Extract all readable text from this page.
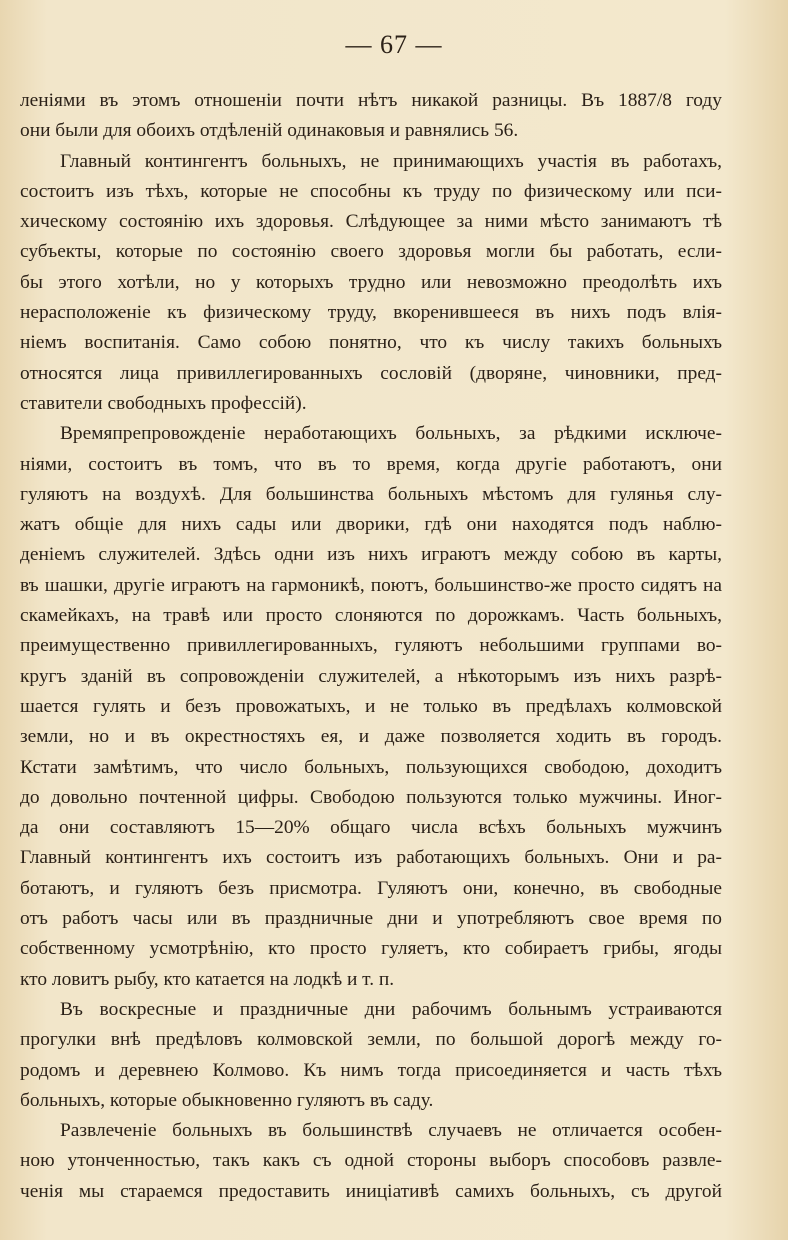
— 67 —
леніями въ этомъ отношеніи почти нѣтъ никакой разницы. Въ 1887/8 году
они были для обоихъ отдѣленій одинаковыя и равнялись 56.
Главный контингентъ больныхъ, не принимающихъ участія въ работахъ,
состоитъ изъ тѣхъ, которые не способны къ труду по физическому или пси-
хическому состоянію ихъ здоровья. Слѣдующее за ними мѣсто занимаютъ тѣ
субъекты, которые по состоянію своего здоровья могли бы работать, если-
бы этого хотѣли, но у которыхъ трудно или невозможно преодолѣть ихъ
нерасположеніе къ физическому труду, вкоренившееся въ нихъ подъ влія-
ніемъ воспитанія. Само собою понятно, что къ числу такихъ больныхъ
относятся лица привиллегированныхъ сословій (дворяне, чиновники, пред-
ставители свободныхъ профессій).
Времяпрепровожденіе неработающихъ больныхъ, за рѣдкими исключе-
ніями, состоитъ въ томъ, что въ то время, когда другіе работаютъ, они
гуляютъ на воздухѣ. Для большинства больныхъ мѣстомъ для гулянья слу-
жатъ общіе для нихъ сады или дворики, гдѣ они находятся подъ наблю-
деніемъ служителей. Здѣсь одни изъ нихъ играютъ между собою въ карты,
въ шашки, другіе играютъ на гармоникѣ, поютъ, большинство-же просто сидятъ на
скамейкахъ, на травѣ или просто слоняются по дорожкамъ. Часть больныхъ,
преимущественно привиллегированныхъ, гуляютъ небольшими группами во-
кругъ зданій въ сопровожденіи служителей, а нѣкоторымъ изъ нихъ разрѣ-
шается гулять и безъ провожатыхъ, и не только въ предѣлахъ колмовской
земли, но и въ окрестностяхъ ея, и даже позволяется ходить въ городъ.
Кстати замѣтимъ, что число больныхъ, пользующихся свободою, доходитъ
до довольно почтенной цифры. Свободою пользуются только мужчины. Иног-
да они составляютъ 15—20% общаго числа всѣхъ больныхъ мужчинъ
Главный контингентъ ихъ состоитъ изъ работающихъ больныхъ. Они и ра-
ботаютъ, и гуляютъ безъ присмотра. Гуляютъ они, конечно, въ свободные
отъ работъ часы или въ праздничные дни и употребляютъ свое время по
собственному усмотрѣнію, кто просто гуляетъ, кто собираетъ грибы, ягоды
кто ловитъ рыбу, кто катается на лодкѣ и т. п.
Въ воскресные и праздничные дни рабочимъ больнымъ устраиваются
прогулки внѣ предѣловъ колмовской земли, по большой дорогѣ между го-
родомъ и деревнею Колмово. Къ нимъ тогда присоединяется и часть тѣхъ
больныхъ, которые обыкновенно гуляютъ въ саду.
Развлеченіе больныхъ въ большинствѣ случаевъ не отличается особен-
ною утонченностью, такъ какъ съ одной стороны выборъ способовъ развле-
ченія мы стараемся предоставить иниціативѣ самихъ больныхъ, съ другой
